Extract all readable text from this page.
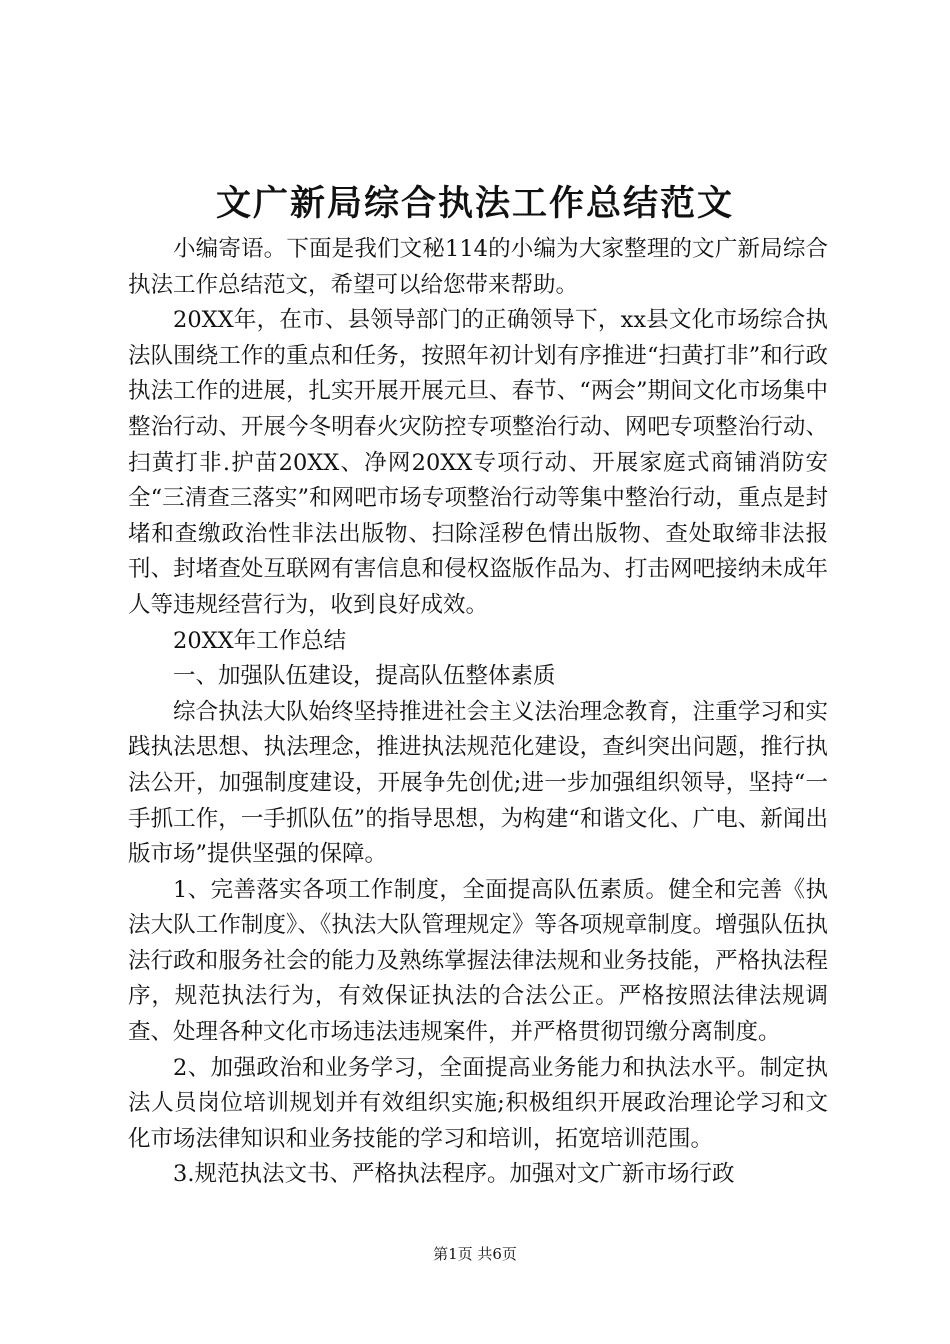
文广新局综合执法工作总结范文

小编寄语。下面是我们文秘114的小编为大家整理的文广新局综合执法工作总结范文，希望可以给您带来帮助。

20XX年，在市、县领导部门的正确领导下，xx县文化市场综合执法队围绕工作的重点和任务，按照年初计划有序推进“扫黄打非”和行政执法工作的进展，扎实开展开展元旦、春节、“两会”期间文化市场集中整治行动、开展今冬明春火灾防控专项整治行动、网吧专项整治行动、扫黄打非.护苗20XX、净网20XX专项行动、开展家庭式商铺消防安全“三清查三落实”和网吧市场专项整治行动等集中整治行动，重点是封堵和查缴政治性非法出版物、扫除淫秽色情出版物、查处取缔非法报刊、封堵查处互联网有害信息和侵权盗版作品为、打击网吧接纳未成年人等违规经营行为，收到良好成效。

20XX年工作总结

一、加强队伍建设，提高队伍整体素质

综合执法大队始终坚持推进社会主义法治理念教育，注重学习和实践执法思想、执法理念，推进执法规范化建设，查纠突出问题，推行执法公开，加强制度建设，开展争先创优;进一步加强组织领导，坚持“一手抓工作，一手抓队伍”的指导思想，为构建“和谐文化、广电、新闻出版市场”提供坚强的保障。

1、完善落实各项工作制度，全面提高队伍素质。健全和完善《执法大队工作制度》、《执法大队管理规定》等各项规章制度。增强队伍执法行政和服务社会的能力及熟练掌握法律法规和业务技能，严格执法程序，规范执法行为，有效保证执法的合法公正。严格按照法律法规调查、处理各种文化市场违法违规案件，并严格贯彻罚缴分离制度。

2、加强政治和业务学习，全面提高业务能力和执法水平。制定执法人员岗位培训规划并有效组织实施;积极组织开展政治理论学习和文化市场法律知识和业务技能的学习和培训，拓宽培训范围。

3.规范执法文书、严格执法程序。加强对文广新市场行政

第1页 共6页
